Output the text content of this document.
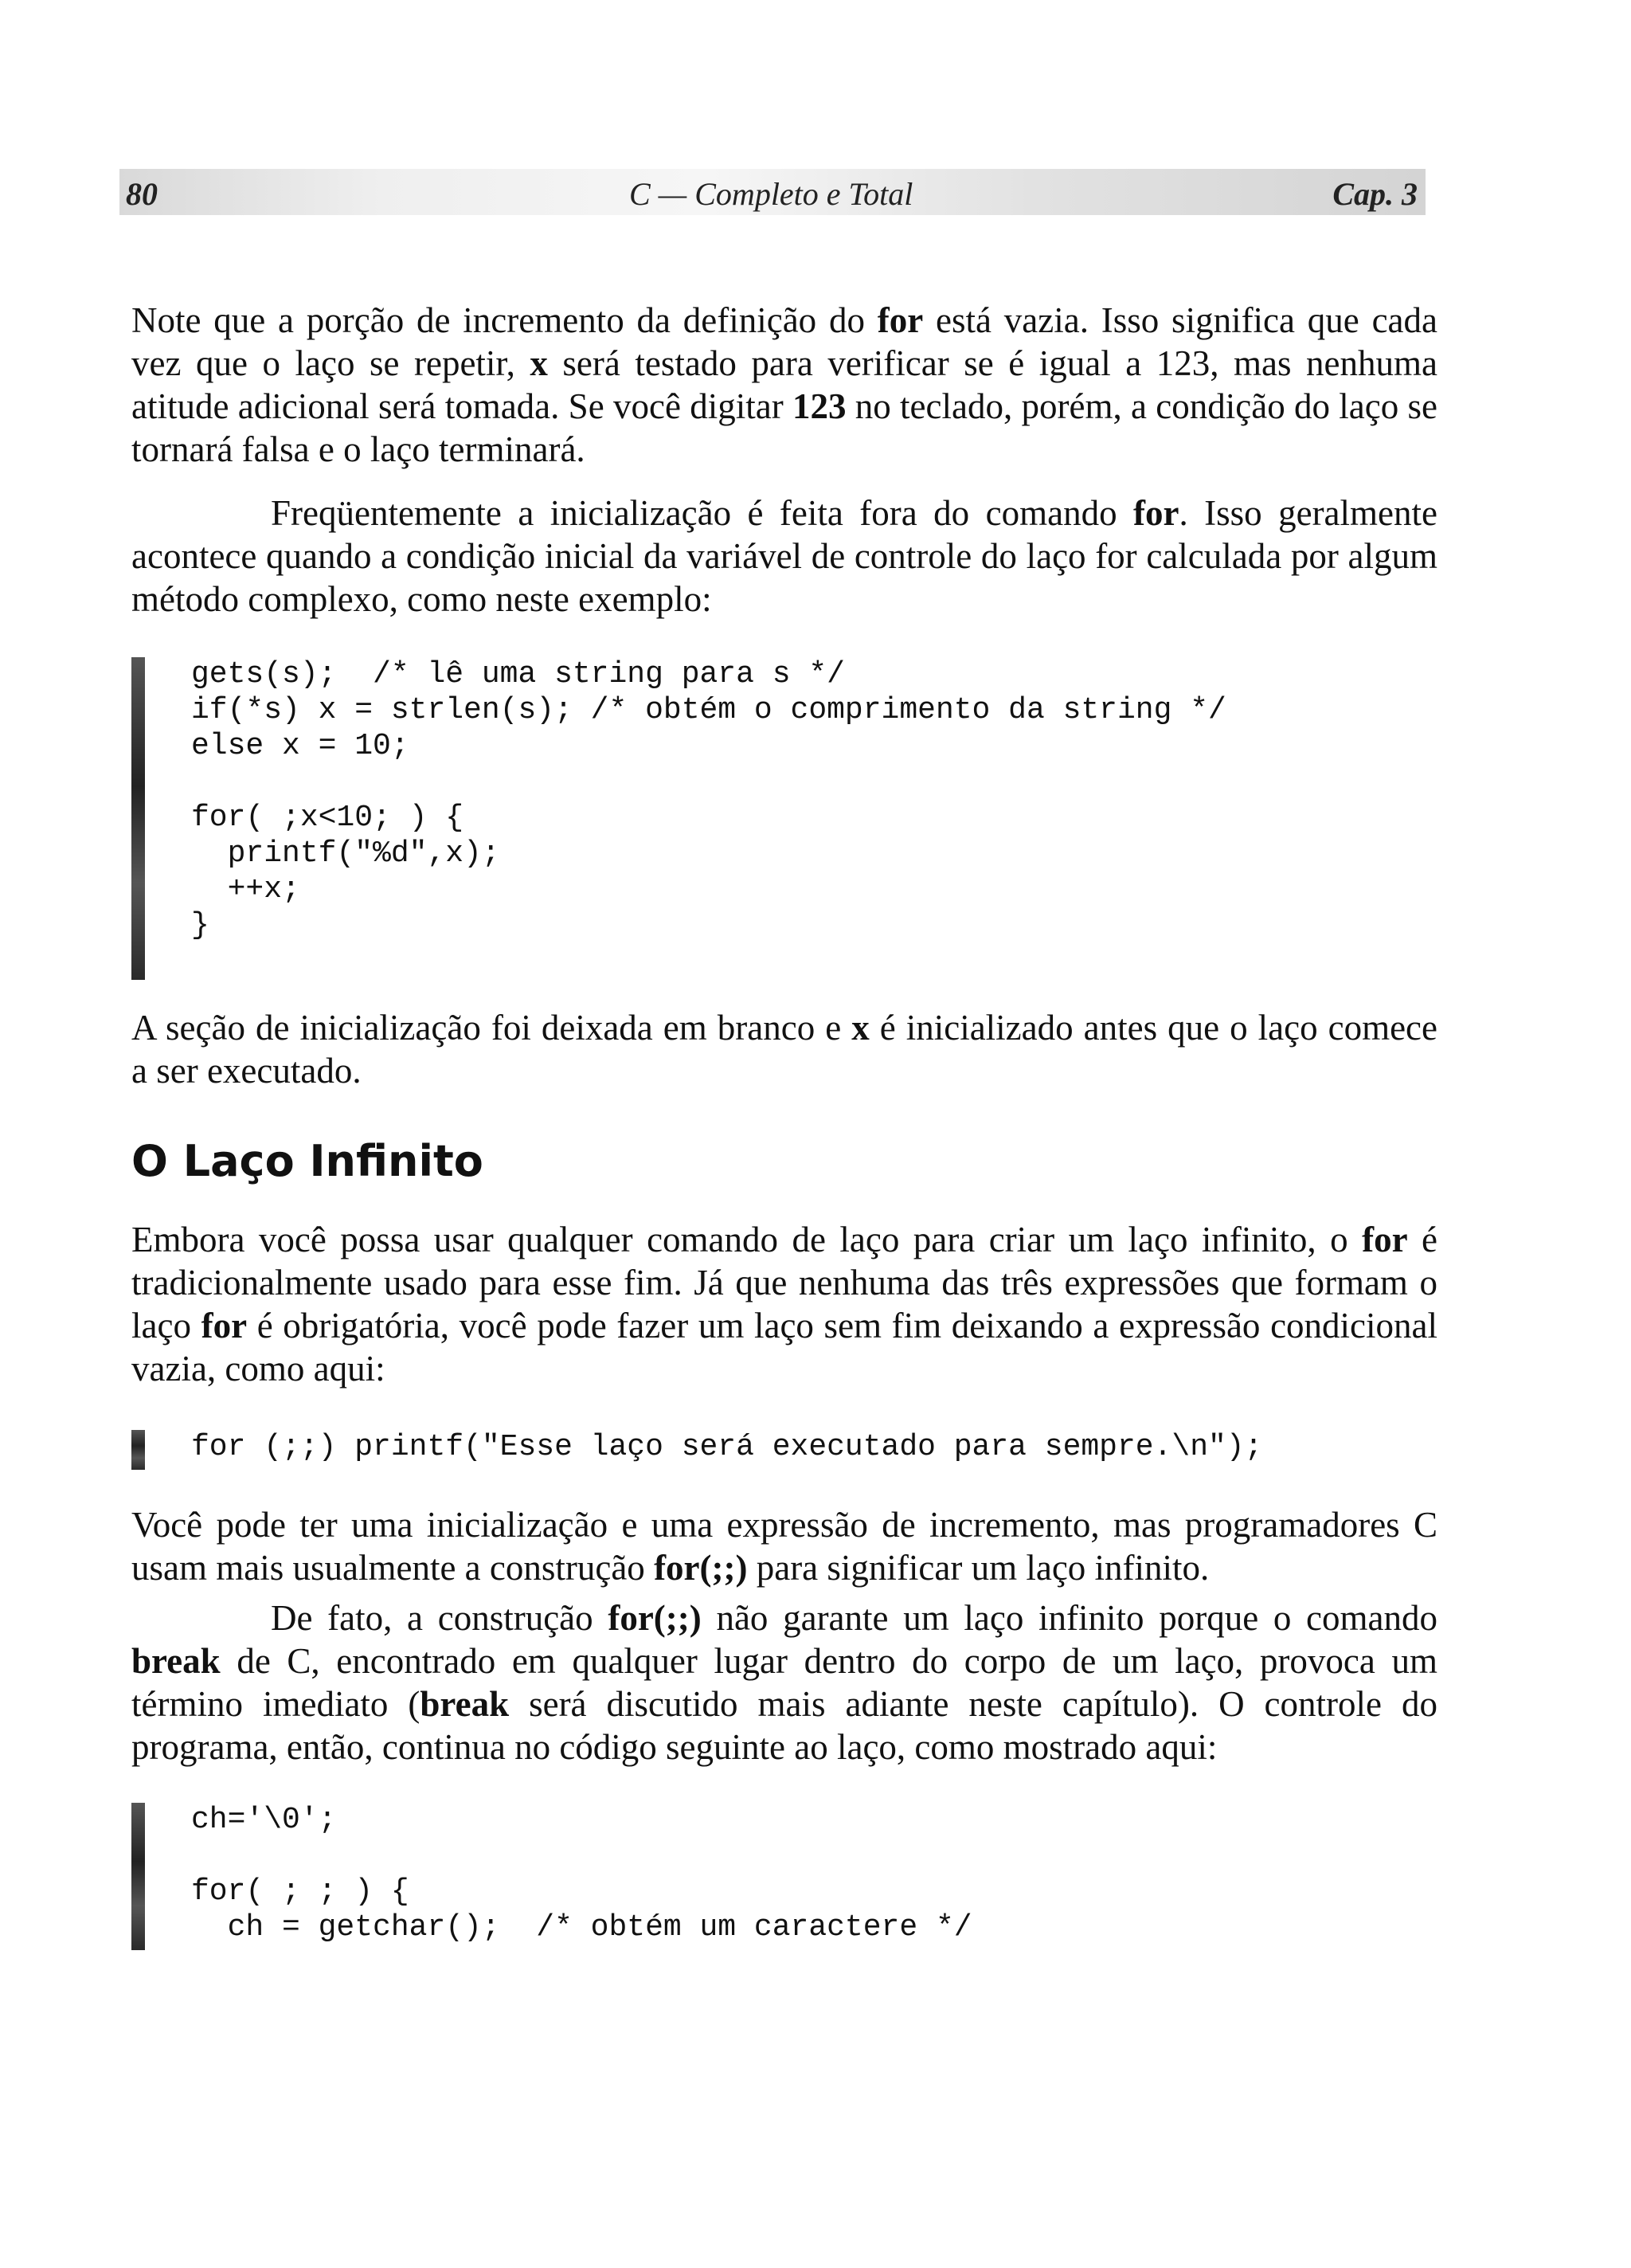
80	C — Completo e Total	Cap. 3

Note que a porção de incremento da definição do for está vazia. Isso significa que cada vez que o laço se repetir, x será testado para verificar se é igual a 123, mas nenhuma atitude adicional será tomada. Se você digitar 123 no teclado, porém, a condição do laço se tornará falsa e o laço terminará.

Freqüentemente a inicialização é feita fora do comando for. Isso geralmente acontece quando a condição inicial da variável de controle do laço for calculada por algum método complexo, como neste exemplo:

gets(s);  /* lê uma string para s */
if(*s) x = strlen(s); /* obtém o comprimento da string */
else x = 10;
for( ;x<10; ) {
printf("%d",x);
++x;
}

A seção de inicialização foi deixada em branco e x é inicializado antes que o laço comece a ser executado.

O Laço Infinito

Embora você possa usar qualquer comando de laço para criar um laço infinito, o for é tradicionalmente usado para esse fim. Já que nenhuma das três expressões que formam o laço for é obrigatória, você pode fazer um laço sem fim deixando a expressão condicional vazia, como aqui:

for (;;) printf("Esse laço será executado para sempre.\n");

Você pode ter uma inicialização e uma expressão de incremento, mas programadores C usam mais usualmente a construção for(;;) para significar um laço infinito.

De fato, a construção for(;;) não garante um laço infinito porque o comando break de C, encontrado em qualquer lugar dentro do corpo de um laço, provoca um término imediato (break será discutido mais adiante neste capítulo). O controle do programa, então, continua no código seguinte ao laço, como mostrado aqui:

ch='\0';
for( ; ; ) {
ch = getchar();  /* obtém um caractere */
